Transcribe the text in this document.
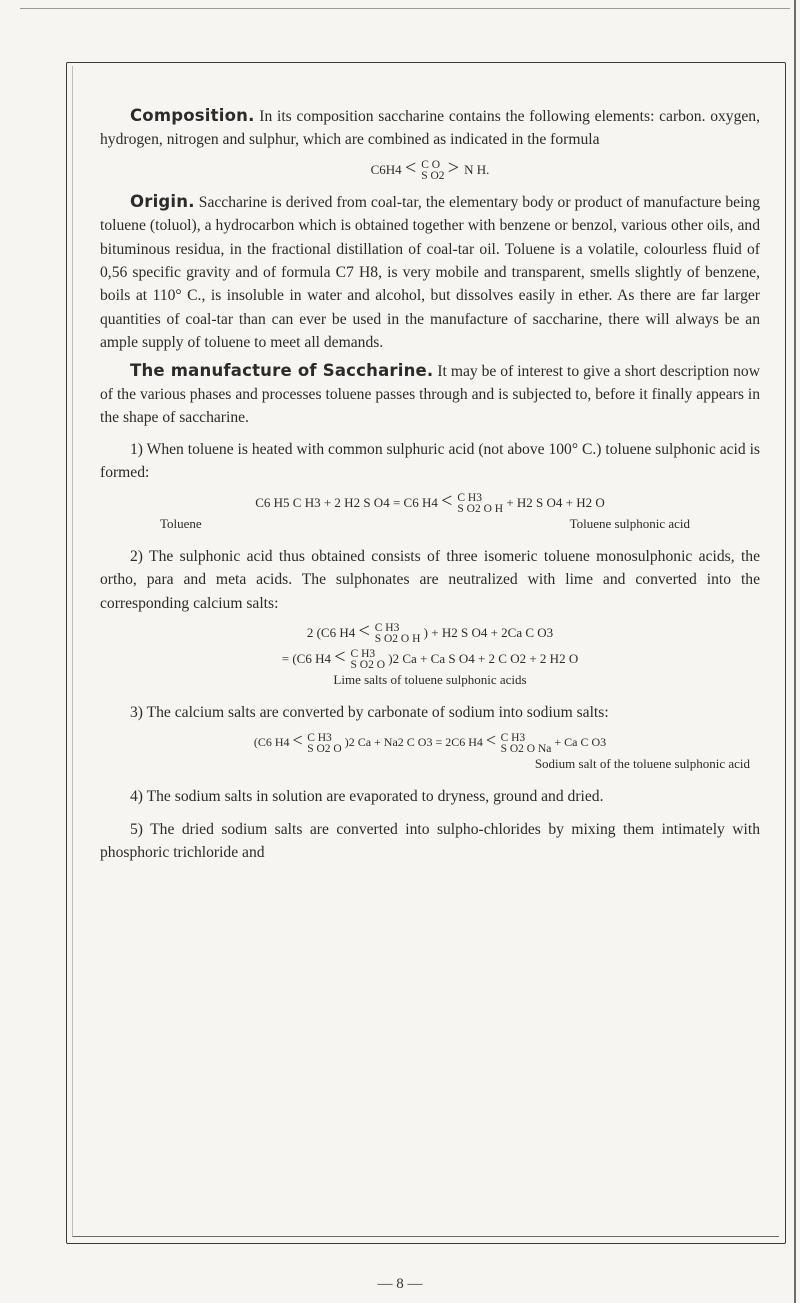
Composition. In its composition saccharine contains the following elements: carbon. oxygen, hydrogen, nitrogen and sulphur, which are combined as indicated in the formula

C6H4 < C O
S O2 > N H.

Origin. Saccharine is derived from coal-tar, the elementary body or product of manufacture being toluene (toluol), a hydrocarbon which is obtained together with benzene or benzol, various other oils, and bituminous residua, in the fractional distillation of coal-tar oil. Toluene is a volatile, colourless fluid of 0,56 specific gravity and of formula C7 H8, is very mobile and transparent, smells slightly of benzene, boils at 110° C., is insoluble in water and alcohol, but dissolves easily in ether. As there are far larger quantities of coal-tar than can ever be used in the manufacture of saccharine, there will always be an ample supply of toluene to meet all demands.

The manufacture of Saccharine. It may be of interest to give a short description now of the various phases and processes toluene passes through and is subjected to, before it finally appears in the shape of saccharine.

1) When toluene is heated with common sulphuric acid (not above 100° C.) toluene sulphonic acid is formed:

C6 H5 C H3 + 2 H2 S O4 = C6 H4 < C H3
S O2 O H + H2 S O4 + H2 O
Toluene	Toluene sulphonic acid

2) The sulphonic acid thus obtained consists of three isomeric toluene monosulphonic acids, the ortho, para and meta acids. The sulphonates are neutralized with lime and converted into the corresponding calcium salts:

2 (C6 H4 < C H3
S O2 O H ) + H2 S O4 + 2Ca C O3
= (C6 H4 < C H3
S O2 O )2 Ca + Ca S O4 + 2 C O2 + 2 H2 O
Lime salts of toluene sulphonic acids

3) The calcium salts are converted by carbonate of sodium into sodium salts:

(C6 H4 < C H3
S O2 O )2 Ca + Na2 C O3 = 2C6 H4 < C H3
S O2 O Na + Ca C O3
Sodium salt of the toluene sulphonic acid

4) The sodium salts in solution are evaporated to dryness, ground and dried.

5) The dried sodium salts are converted into sulpho-chlorides by mixing them intimately with phosphoric trichloride and

— 8 —
